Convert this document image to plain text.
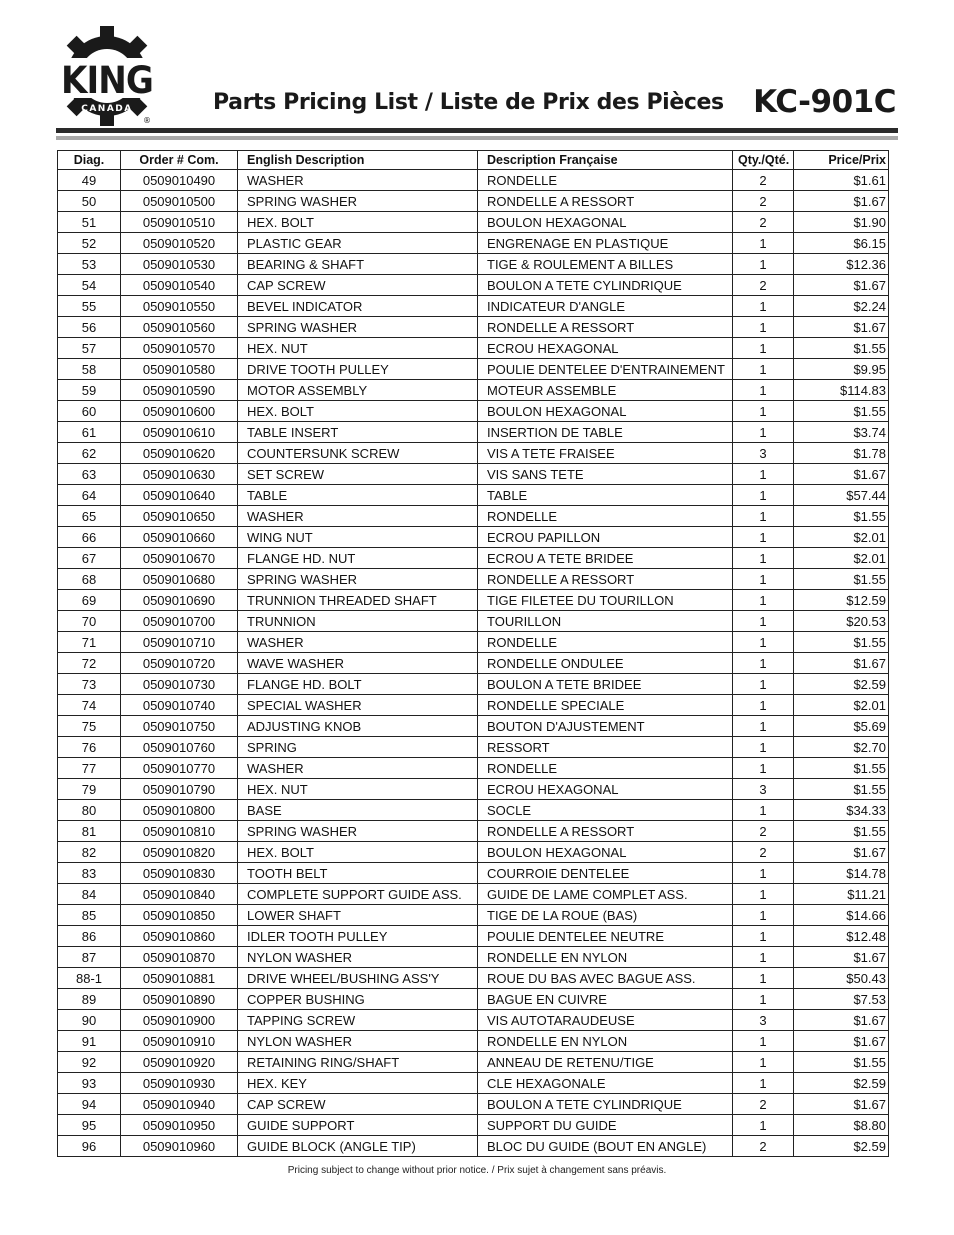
KING
CANADA
®
Parts Pricing List / Liste de Prix des Pièces KC-901C
Diag.	Order # Com.	English Description	Description Française	Qty./Qté.	Price/Prix
49	0509010490	WASHER	RONDELLE	2	$1.61
50	0509010500	SPRING WASHER	RONDELLE A RESSORT	2	$1.67
51	0509010510	HEX. BOLT	BOULON HEXAGONAL	2	$1.90
52	0509010520	PLASTIC GEAR	ENGRENAGE EN PLASTIQUE	1	$6.15
53	0509010530	BEARING & SHAFT	TIGE & ROULEMENT A BILLES	1	$12.36
54	0509010540	CAP SCREW	BOULON A TETE CYLINDRIQUE	2	$1.67
55	0509010550	BEVEL INDICATOR	INDICATEUR D'ANGLE	1	$2.24
56	0509010560	SPRING WASHER	RONDELLE A RESSORT	1	$1.67
57	0509010570	HEX. NUT	ECROU HEXAGONAL	1	$1.55
58	0509010580	DRIVE TOOTH PULLEY	POULIE DENTELEE D'ENTRAINEMENT	1	$9.95
59	0509010590	MOTOR ASSEMBLY	MOTEUR ASSEMBLE	1	$114.83
60	0509010600	HEX. BOLT	BOULON HEXAGONAL	1	$1.55
61	0509010610	TABLE INSERT	INSERTION DE TABLE	1	$3.74
62	0509010620	COUNTERSUNK SCREW	VIS A TETE FRAISEE	3	$1.78
63	0509010630	SET SCREW	VIS SANS TETE	1	$1.67
64	0509010640	TABLE	TABLE	1	$57.44
65	0509010650	WASHER	RONDELLE	1	$1.55
66	0509010660	WING NUT	ECROU PAPILLON	1	$2.01
67	0509010670	FLANGE HD. NUT	ECROU A TETE BRIDEE	1	$2.01
68	0509010680	SPRING WASHER	RONDELLE A RESSORT	1	$1.55
69	0509010690	TRUNNION THREADED SHAFT	TIGE FILETEE DU TOURILLON	1	$12.59
70	0509010700	TRUNNION	TOURILLON	1	$20.53
71	0509010710	WASHER	RONDELLE	1	$1.55
72	0509010720	WAVE WASHER	RONDELLE ONDULEE	1	$1.67
73	0509010730	FLANGE HD. BOLT	BOULON A TETE BRIDEE	1	$2.59
74	0509010740	SPECIAL WASHER	RONDELLE SPECIALE	1	$2.01
75	0509010750	ADJUSTING KNOB	BOUTON D'AJUSTEMENT	1	$5.69
76	0509010760	SPRING	RESSORT	1	$2.70
77	0509010770	WASHER	RONDELLE	1	$1.55
79	0509010790	HEX. NUT	ECROU HEXAGONAL	3	$1.55
80	0509010800	BASE	SOCLE	1	$34.33
81	0509010810	SPRING WASHER	RONDELLE A RESSORT	2	$1.55
82	0509010820	HEX. BOLT	BOULON HEXAGONAL	2	$1.67
83	0509010830	TOOTH BELT	COURROIE DENTELEE	1	$14.78
84	0509010840	COMPLETE SUPPORT GUIDE ASS.	GUIDE DE LAME COMPLET ASS.	1	$11.21
85	0509010850	LOWER SHAFT	TIGE DE LA ROUE (BAS)	1	$14.66
86	0509010860	IDLER TOOTH PULLEY	POULIE DENTELEE NEUTRE	1	$12.48
87	0509010870	NYLON WASHER	RONDELLE EN NYLON	1	$1.67
88-1	0509010881	DRIVE WHEEL/BUSHING ASS'Y	ROUE DU BAS AVEC BAGUE ASS.	1	$50.43
89	0509010890	COPPER BUSHING	BAGUE EN CUIVRE	1	$7.53
90	0509010900	TAPPING SCREW	VIS AUTOTARAUDEUSE	3	$1.67
91	0509010910	NYLON WASHER	RONDELLE EN NYLON	1	$1.67
92	0509010920	RETAINING RING/SHAFT	ANNEAU DE RETENU/TIGE	1	$1.55
93	0509010930	HEX. KEY	CLE HEXAGONALE	1	$2.59
94	0509010940	CAP SCREW	BOULON A TETE CYLINDRIQUE	2	$1.67
95	0509010950	GUIDE SUPPORT	SUPPORT DU GUIDE	1	$8.80
96	0509010960	GUIDE BLOCK (ANGLE TIP)	BLOC DU GUIDE (BOUT EN ANGLE)	2	$2.59
Pricing subject to change without prior notice. / Prix sujet à changement sans préavis.
